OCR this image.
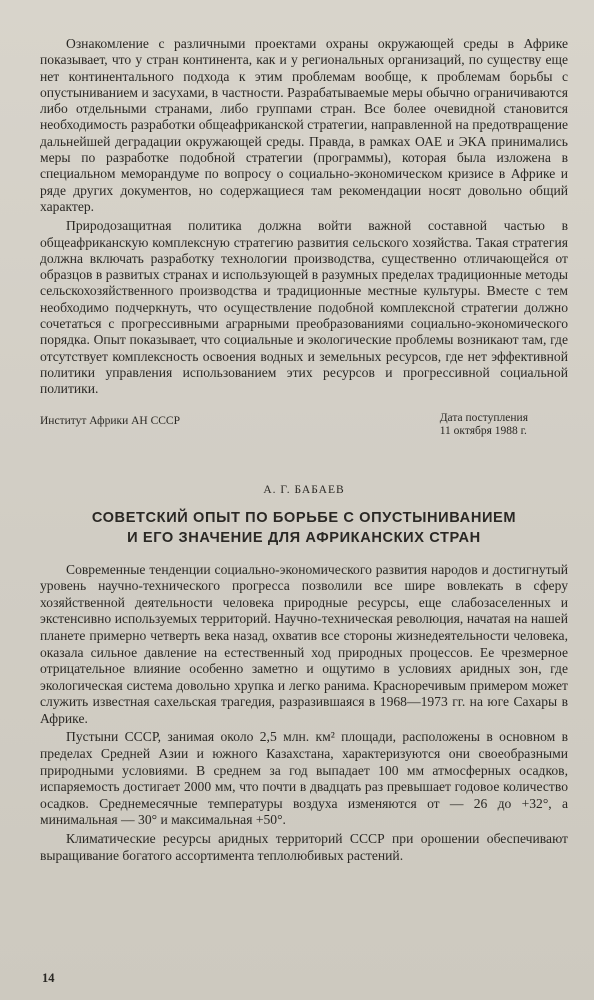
Ознакомление с различными проектами охраны окружающей среды в Африке показывает, что у стран континента, как и у региональных организаций, по существу еще нет континентального подхода к этим проблемам вообще, к проблемам борьбы с опустыниванием и засухами, в частности. Разрабатываемые меры обычно ограничиваются либо отдельными странами, либо группами стран. Все более очевидной становится необходимость разработки общеафриканской стратегии, направленной на предотвращение дальнейшей деградации окружающей среды. Правда, в рамках ОАЕ и ЭКА принимались меры по разработке подобной стратегии (программы), которая была изложена в специальном меморандуме по вопросу о социально-экономическом кризисе в Африке и ряде других документов, но содержащиеся там рекомендации носят довольно общий характер.

Природозащитная политика должна войти важной составной частью в общеафриканскую комплексную стратегию развития сельского хозяйства. Такая стратегия должна включать разработку технологии производства, существенно отличающейся от образцов в развитых странах и использующей в разумных пределах традиционные методы сельскохозяйственного производства и традиционные местные культуры. Вместе с тем необходимо подчеркнуть, что осуществление подобной комплексной стратегии должно сочетаться с прогрессивными аграрными преобразованиями социально-экономического порядка. Опыт показывает, что социальные и экологические проблемы возникают там, где отсутствует комплексность освоения водных и земельных ресурсов, где нет эффективной политики управления использованием этих ресурсов и прогрессивной социальной политики.

Институт Африки АН СССР	Дата поступления
11 октября 1988 г.
А. Г. БАБАЕВ
СОВЕТСКИЙ ОПЫТ ПО БОРЬБЕ С ОПУСТЫНИВАНИЕМ
И ЕГО ЗНАЧЕНИЕ ДЛЯ АФРИКАНСКИХ СТРАН

Современные тенденции социально-экономического развития народов и достигнутый уровень научно-технического прогресса позволили все шире вовлекать в сферу хозяйственной деятельности человека природные ресурсы, еще слабозаселенных и экстенсивно используемых территорий. Научно-техническая революция, начатая на нашей планете примерно четверть века назад, охватив все стороны жизнедеятельности человека, оказала сильное давление на естественный ход природных процессов. Ее чрезмерное отрицательное влияние особенно заметно и ощутимо в условиях аридных зон, где экологическая система довольно хрупка и легко ранима. Красноречивым примером может служить известная сахельская трагедия, разразившаяся в 1968—1973 гг. на юге Сахары в Африке.

Пустыни СССР, занимая около 2,5 млн. км² площади, расположены в основном в пределах Средней Азии и южного Казахстана, характеризуются они своеобразными природными условиями. В среднем за год выпадает 100 мм атмосферных осадков, испаряемость достигает 2000 мм, что почти в двадцать раз превышает годовое количество осадков. Среднемесячные температуры воздуха изменяются от — 26 до +32°, а минимальная — 30° и максимальная +50°.

Климатические ресурсы аридных территорий СССР при орошении обеспечивают выращивание богатого ассортимента теплолюбивых растений.

14
